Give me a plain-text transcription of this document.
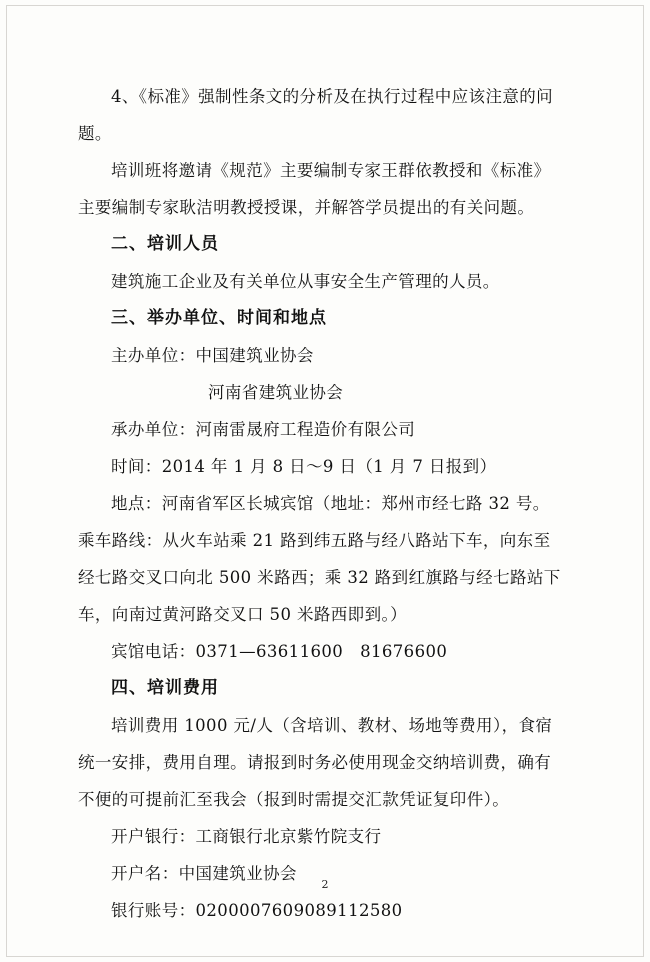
4、《标准》强制性条文的分析及在执行过程中应该注意的问
题。
培训班将邀请《规范》主要编制专家王群依教授和《标准》
主要编制专家耿洁明教授授课，并解答学员提出的有关问题。
二、培训人员
建筑施工企业及有关单位从事安全生产管理的人员。
三、举办单位、时间和地点
主办单位：中国建筑业协会
河南省建筑业协会
承办单位：河南雷晟府工程造价有限公司
时间：2014 年 1 月 8 日～9 日（1 月 7 日报到）
地点：河南省军区长城宾馆（地址：郑州市经七路 32 号。
乘车路线：从火车站乘 21 路到纬五路与经八路站下车，向东至
经七路交叉口向北 500 米路西；乘 32 路到红旗路与经七路站下
车，向南过黄河路交叉口 50 米路西即到。）
宾馆电话：0371—63611600　81676600
四、培训费用
培训费用 1000 元/人（含培训、教材、场地等费用），食宿
统一安排，费用自理。请报到时务必使用现金交纳培训费，确有
不便的可提前汇至我会（报到时需提交汇款凭证复印件）。
开户银行：工商银行北京紫竹院支行
开户名：中国建筑业协会
银行账号：0200007609089112580
2
